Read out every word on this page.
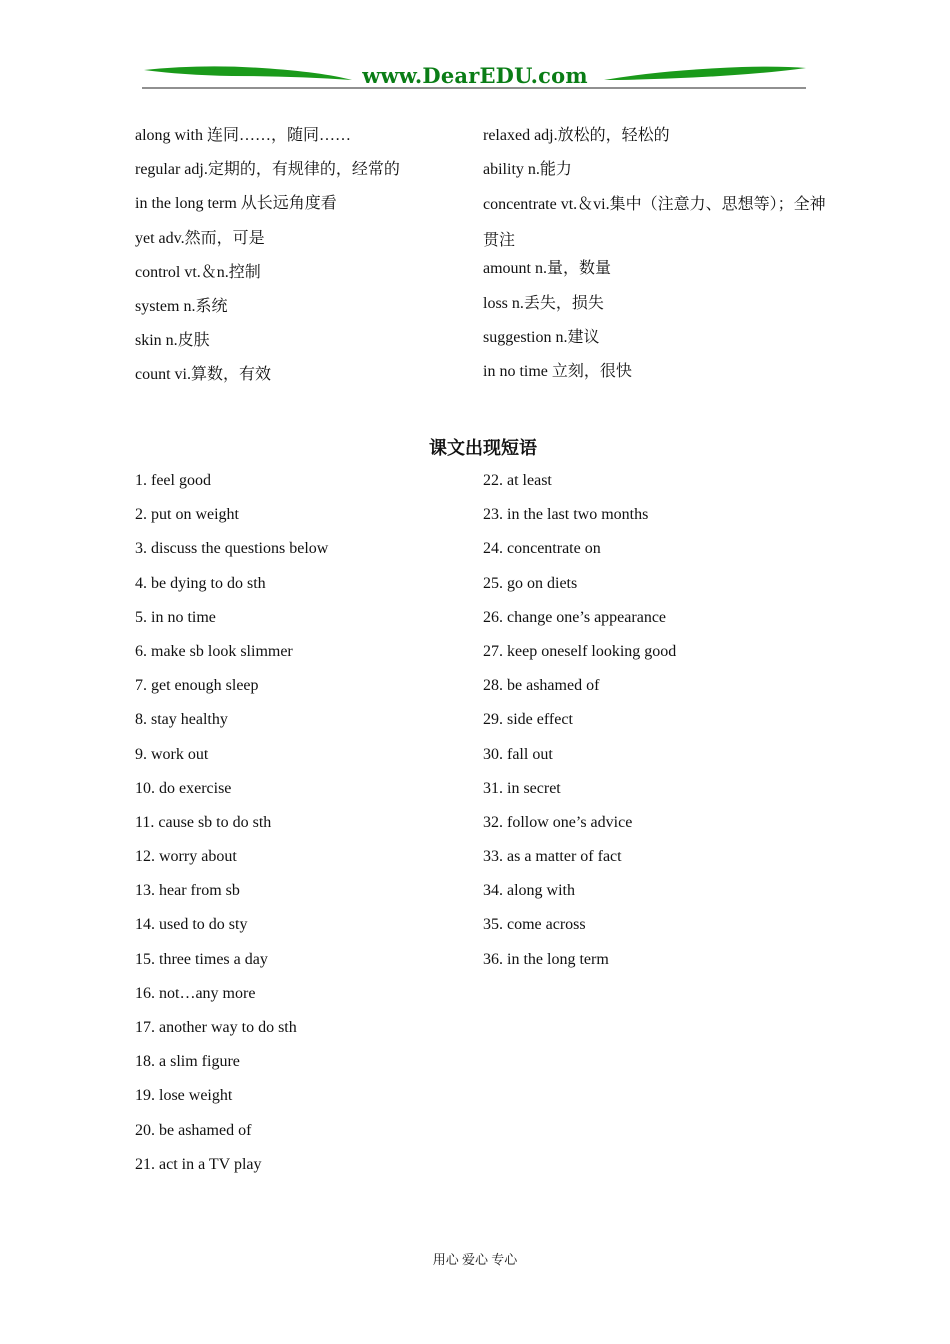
www.DearEDU.com
along with 连同……，随同……
regular adj.定期的，有规律的，经常的
in the long term 从长远角度看
yet adv.然而，可是
control vt.＆n.控制
system n.系统
skin n.皮肤
count vi.算数，有效
relaxed adj.放松的，轻松的
ability n.能力
concentrate vt.＆vi.集中（注意力、思想等）；全神贯注
amount n.量，数量
loss n.丢失，损失
suggestion n.建议
in no time 立刻，很快
课文出现短语
1. feel good
2. put on weight
3. discuss the questions below
4. be dying to do sth
5. in no time
6. make sb look slimmer
7. get enough sleep
8. stay healthy
9. work out
10. do exercise
11. cause sb to do sth
12. worry about
13. hear from sb
14. used to do sty
15. three times a day
16. not…any more
17. another way to do sth
18. a slim figure
19. lose weight
20. be ashamed of
21. act in a TV play
22. at least
23. in the last two months
24. concentrate on
25. go on diets
26. change one’s appearance
27. keep oneself looking good
28. be ashamed of
29. side effect
30. fall out
31. in secret
32. follow one’s advice
33. as a matter of fact
34. along with
35. come across
36. in the long term
用心 爱心 专心
